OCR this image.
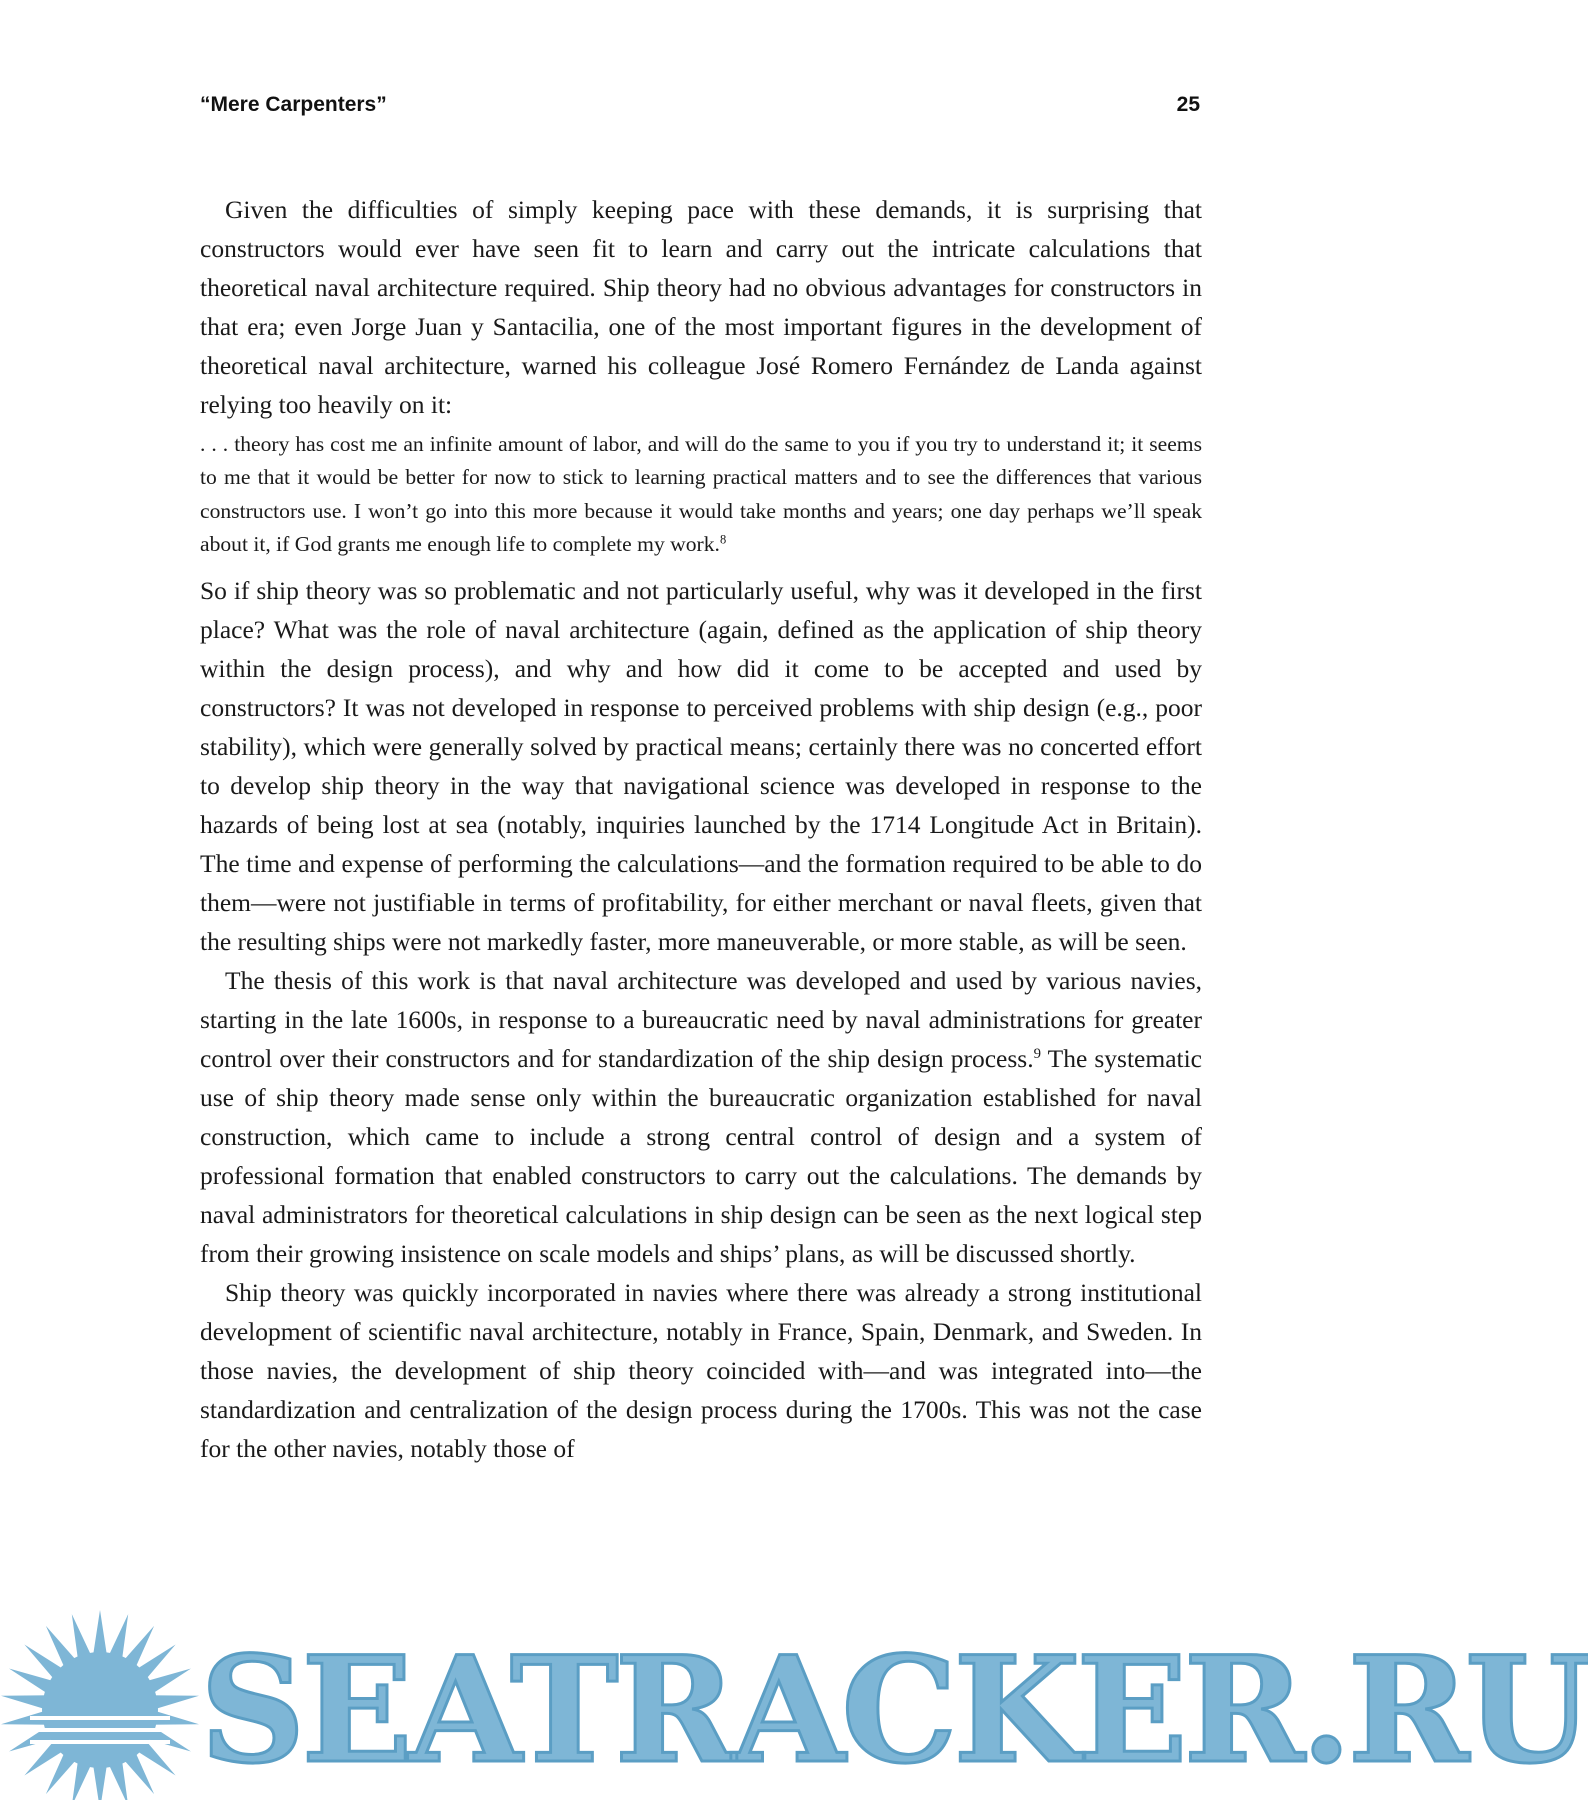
“Mere Carpenters”	25

Given the difficulties of simply keeping pace with these demands, it is surprising that constructors would ever have seen fit to learn and carry out the intricate calculations that theoretical naval architecture required. Ship theory had no obvious advantages for constructors in that era; even Jorge Juan y Santacilia, one of the most important figures in the development of theoretical naval architecture, warned his colleague José Romero Fernández de Landa against relying too heavily on it:

. . . theory has cost me an infinite amount of labor, and will do the same to you if you try to understand it; it seems to me that it would be better for now to stick to learning practical matters and to see the differences that various constructors use. I won’t go into this more because it would take months and years; one day perhaps we’ll speak about it, if God grants me enough life to complete my work.$^8$

So if ship theory was so problematic and not particularly useful, why was it developed in the first place? What was the role of naval architecture (again, defined as the application of ship theory within the design process), and why and how did it come to be accepted and used by constructors? It was not developed in response to perceived problems with ship design (e.g., poor stability), which were generally solved by practical means; certainly there was no concerted effort to develop ship theory in the way that navigational science was developed in response to the hazards of being lost at sea (notably, inquiries launched by the 1714 Longitude Act in Britain). The time and expense of performing the calculations—and the formation required to be able to do them—were not justifiable in terms of profitability, for either merchant or naval fleets, given that the resulting ships were not markedly faster, more maneuverable, or more stable, as will be seen.

The thesis of this work is that naval architecture was developed and used by various navies, starting in the late 1600s, in response to a bureaucratic need by naval administrations for greater control over their constructors and for standardization of the ship design process.$^9$ The systematic use of ship theory made sense only within the bureaucratic organization established for naval construction, which came to include a strong central control of design and a system of professional formation that enabled constructors to carry out the calculations. The demands by naval administrators for theoretical calculations in ship design can be seen as the next logical step from their growing insistence on scale models and ships’ plans, as will be discussed shortly.

Ship theory was quickly incorporated in navies where there was already a strong institutional development of scientific naval architecture, notably in France, Spain, Denmark, and Sweden. In those navies, the development of ship theory coincided with—and was integrated into—the standardization and centralization of the design process during the 1700s. This was not the case for the other navies, notably those of

SEATRACKER.RU
